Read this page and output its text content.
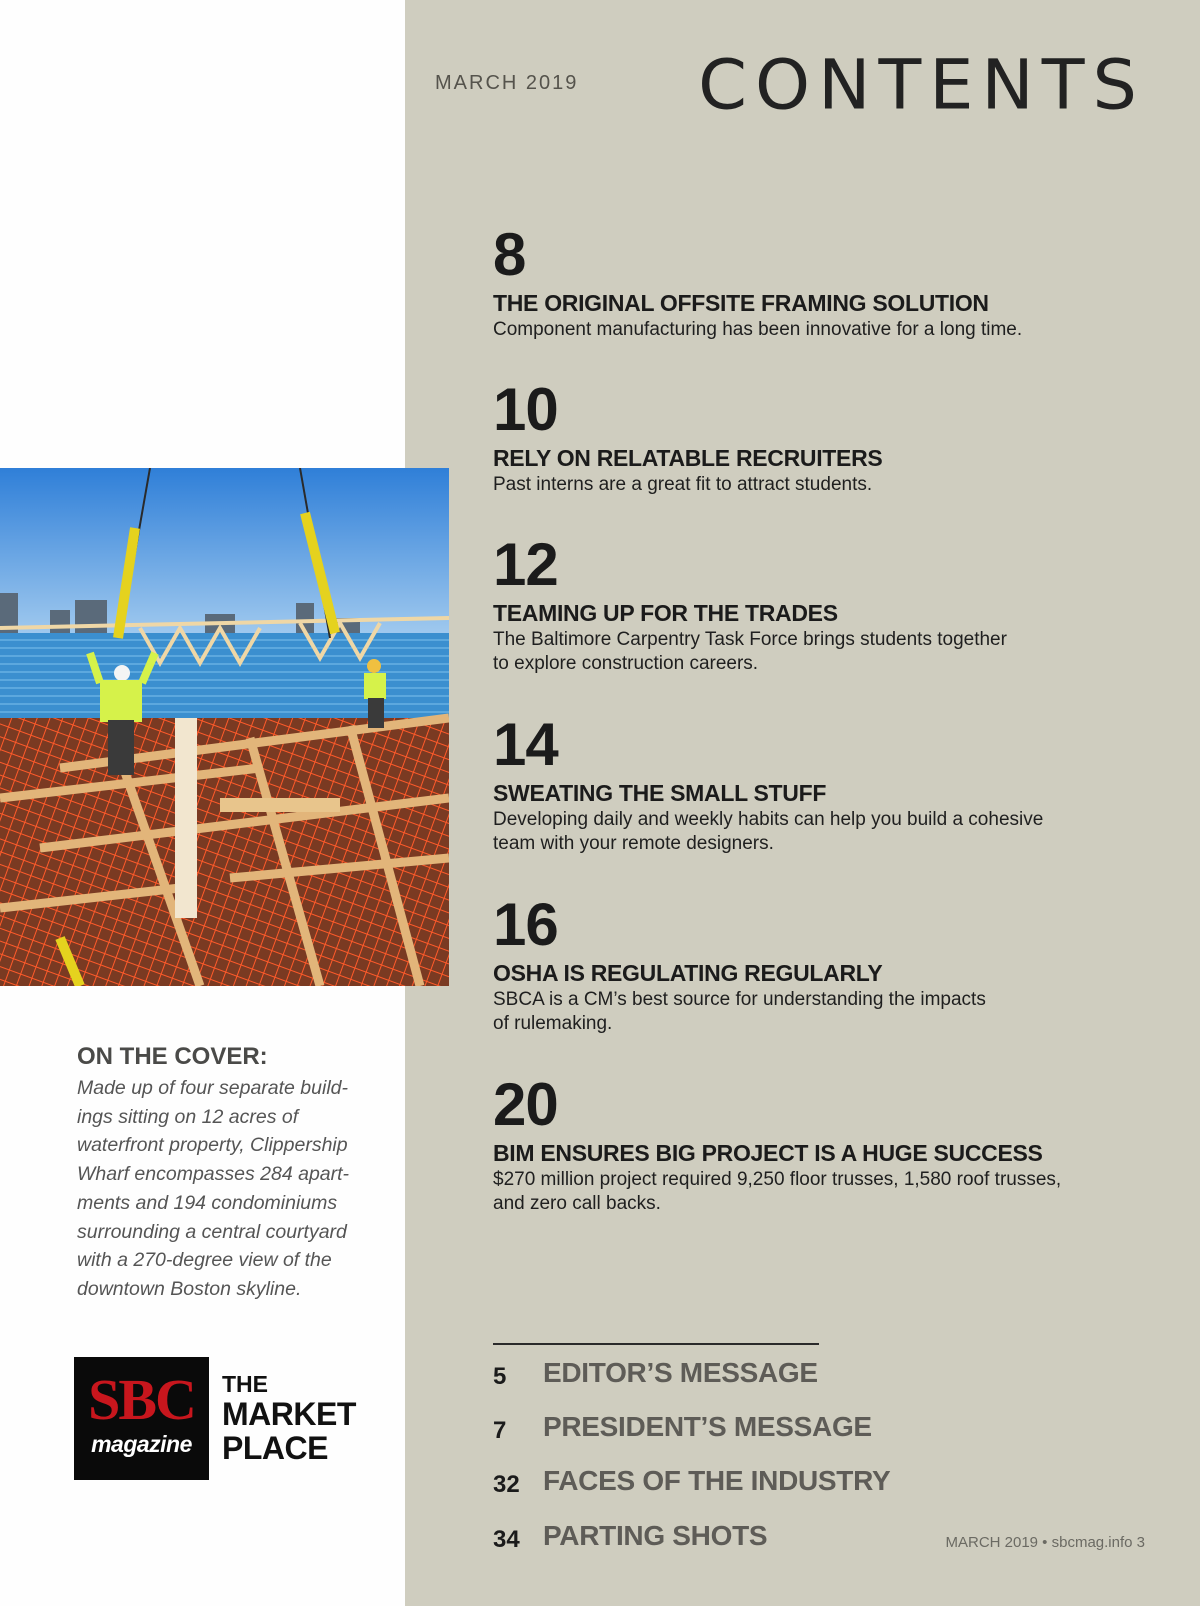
MARCH 2019 CONTENTS
8
THE ORIGINAL OFFSITE FRAMING SOLUTION
Component manufacturing has been innovative for a long time.
10
RELY ON RELATABLE RECRUITERS
Past interns are a great fit to attract students.
12
TEAMING UP FOR THE TRADES
The Baltimore Carpentry Task Force brings students together
to explore construction careers.
14
SWEATING THE SMALL STUFF
Developing daily and weekly habits can help you build a cohesive
team with your remote designers.
16
OSHA IS REGULATING REGULARLY
SBCA is a CM’s best source for understanding the impacts
of rulemaking.
20
BIM ENSURES BIG PROJECT IS A HUGE SUCCESS
$270 million project required 9,250 floor trusses, 1,580 roof trusses,
and zero call backs.
5 EDITOR’S MESSAGE
7 PRESIDENT’S MESSAGE
32 FACES OF THE INDUSTRY
34 PARTING SHOTS	MARCH 2019 • sbcmag.info 3
ON THE COVER:
Made up of four separate build-
ings sitting on 12 acres of
waterfront property, Clippership
Wharf encompasses 284 apart-
ments and 194 condominiums
surrounding a central courtyard
with a 270-degree view of the
downtown Boston skyline.
SBC
magazine
THE
MARKET
PLACE
